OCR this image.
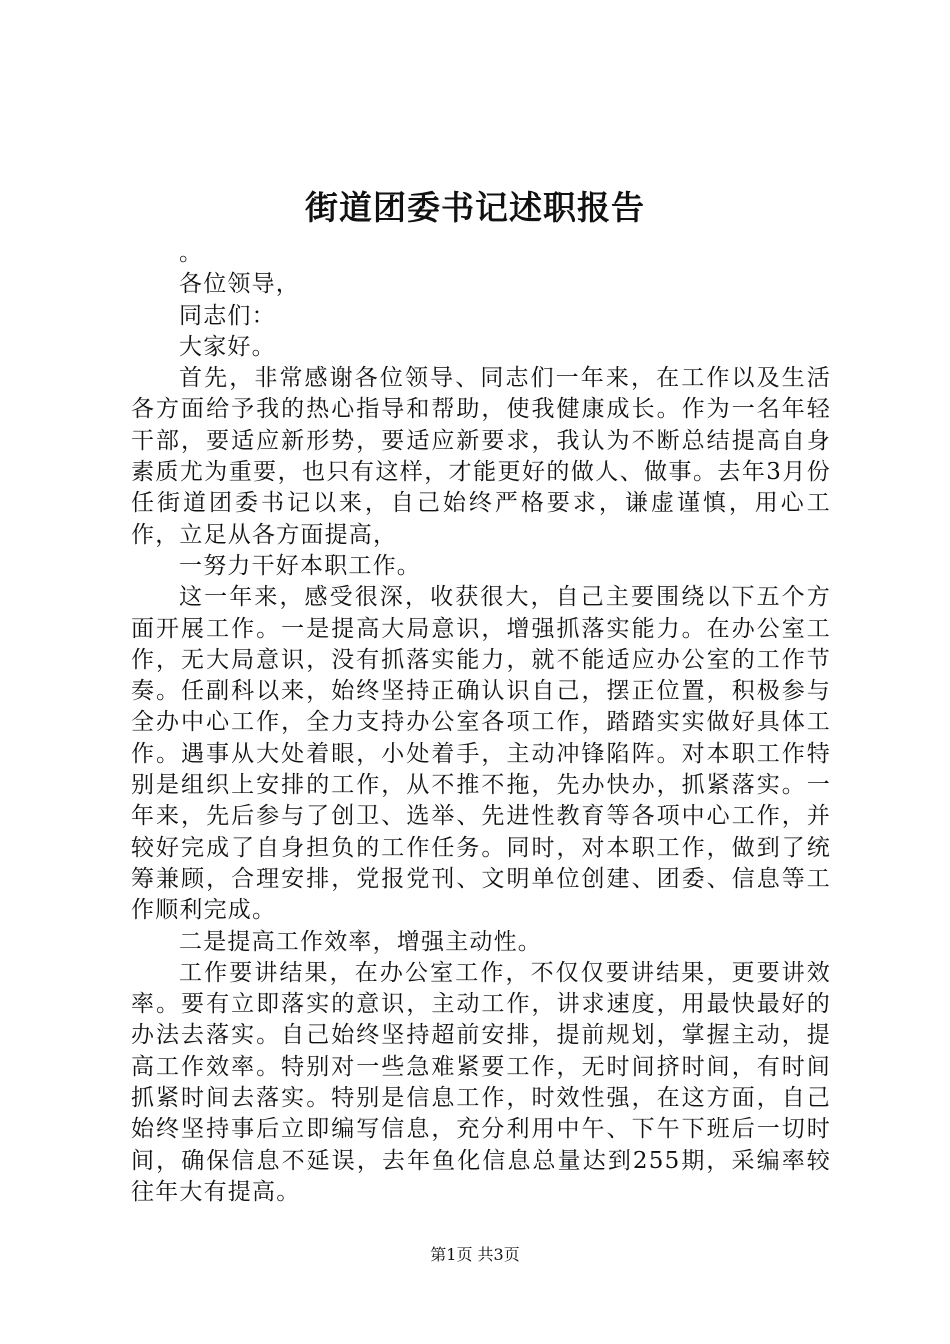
街道团委书记述职报告

。

各位领导，

同志们：

大家好。

首先，非常感谢各位领导、同志们一年来，在工作以及生活各方面给予我的热心指导和帮助，使我健康成长。作为一名年轻干部，要适应新形势，要适应新要求，我认为不断总结提高自身素质尤为重要，也只有这样，才能更好的做人、做事。去年3月份任街道团委书记以来，自己始终严格要求，谦虚谨慎，用心工作，立足从各方面提高，

一努力干好本职工作。

这一年来，感受很深，收获很大，自己主要围绕以下五个方面开展工作。一是提高大局意识，增强抓落实能力。在办公室工作，无大局意识，没有抓落实能力，就不能适应办公室的工作节奏。任副科以来，始终坚持正确认识自己，摆正位置，积极参与全办中心工作，全力支持办公室各项工作，踏踏实实做好具体工作。遇事从大处着眼，小处着手，主动冲锋陷阵。对本职工作特别是组织上安排的工作，从不推不拖，先办快办，抓紧落实。一年来，先后参与了创卫、选举、先进性教育等各项中心工作，并较好完成了自身担负的工作任务。同时，对本职工作，做到了统筹兼顾，合理安排，党报党刊、文明单位创建、团委、信息等工作顺利完成。

二是提高工作效率，增强主动性。

工作要讲结果，在办公室工作，不仅仅要讲结果，更要讲效率。要有立即落实的意识，主动工作，讲求速度，用最快最好的办法去落实。自己始终坚持超前安排，提前规划，掌握主动，提高工作效率。特别对一些急难紧要工作，无时间挤时间，有时间抓紧时间去落实。特别是信息工作，时效性强，在这方面，自己始终坚持事后立即编写信息，充分利用中午、下午下班后一切时间，确保信息不延误，去年鱼化信息总量达到255期，采编率较往年大有提高。

第1页 共3页
